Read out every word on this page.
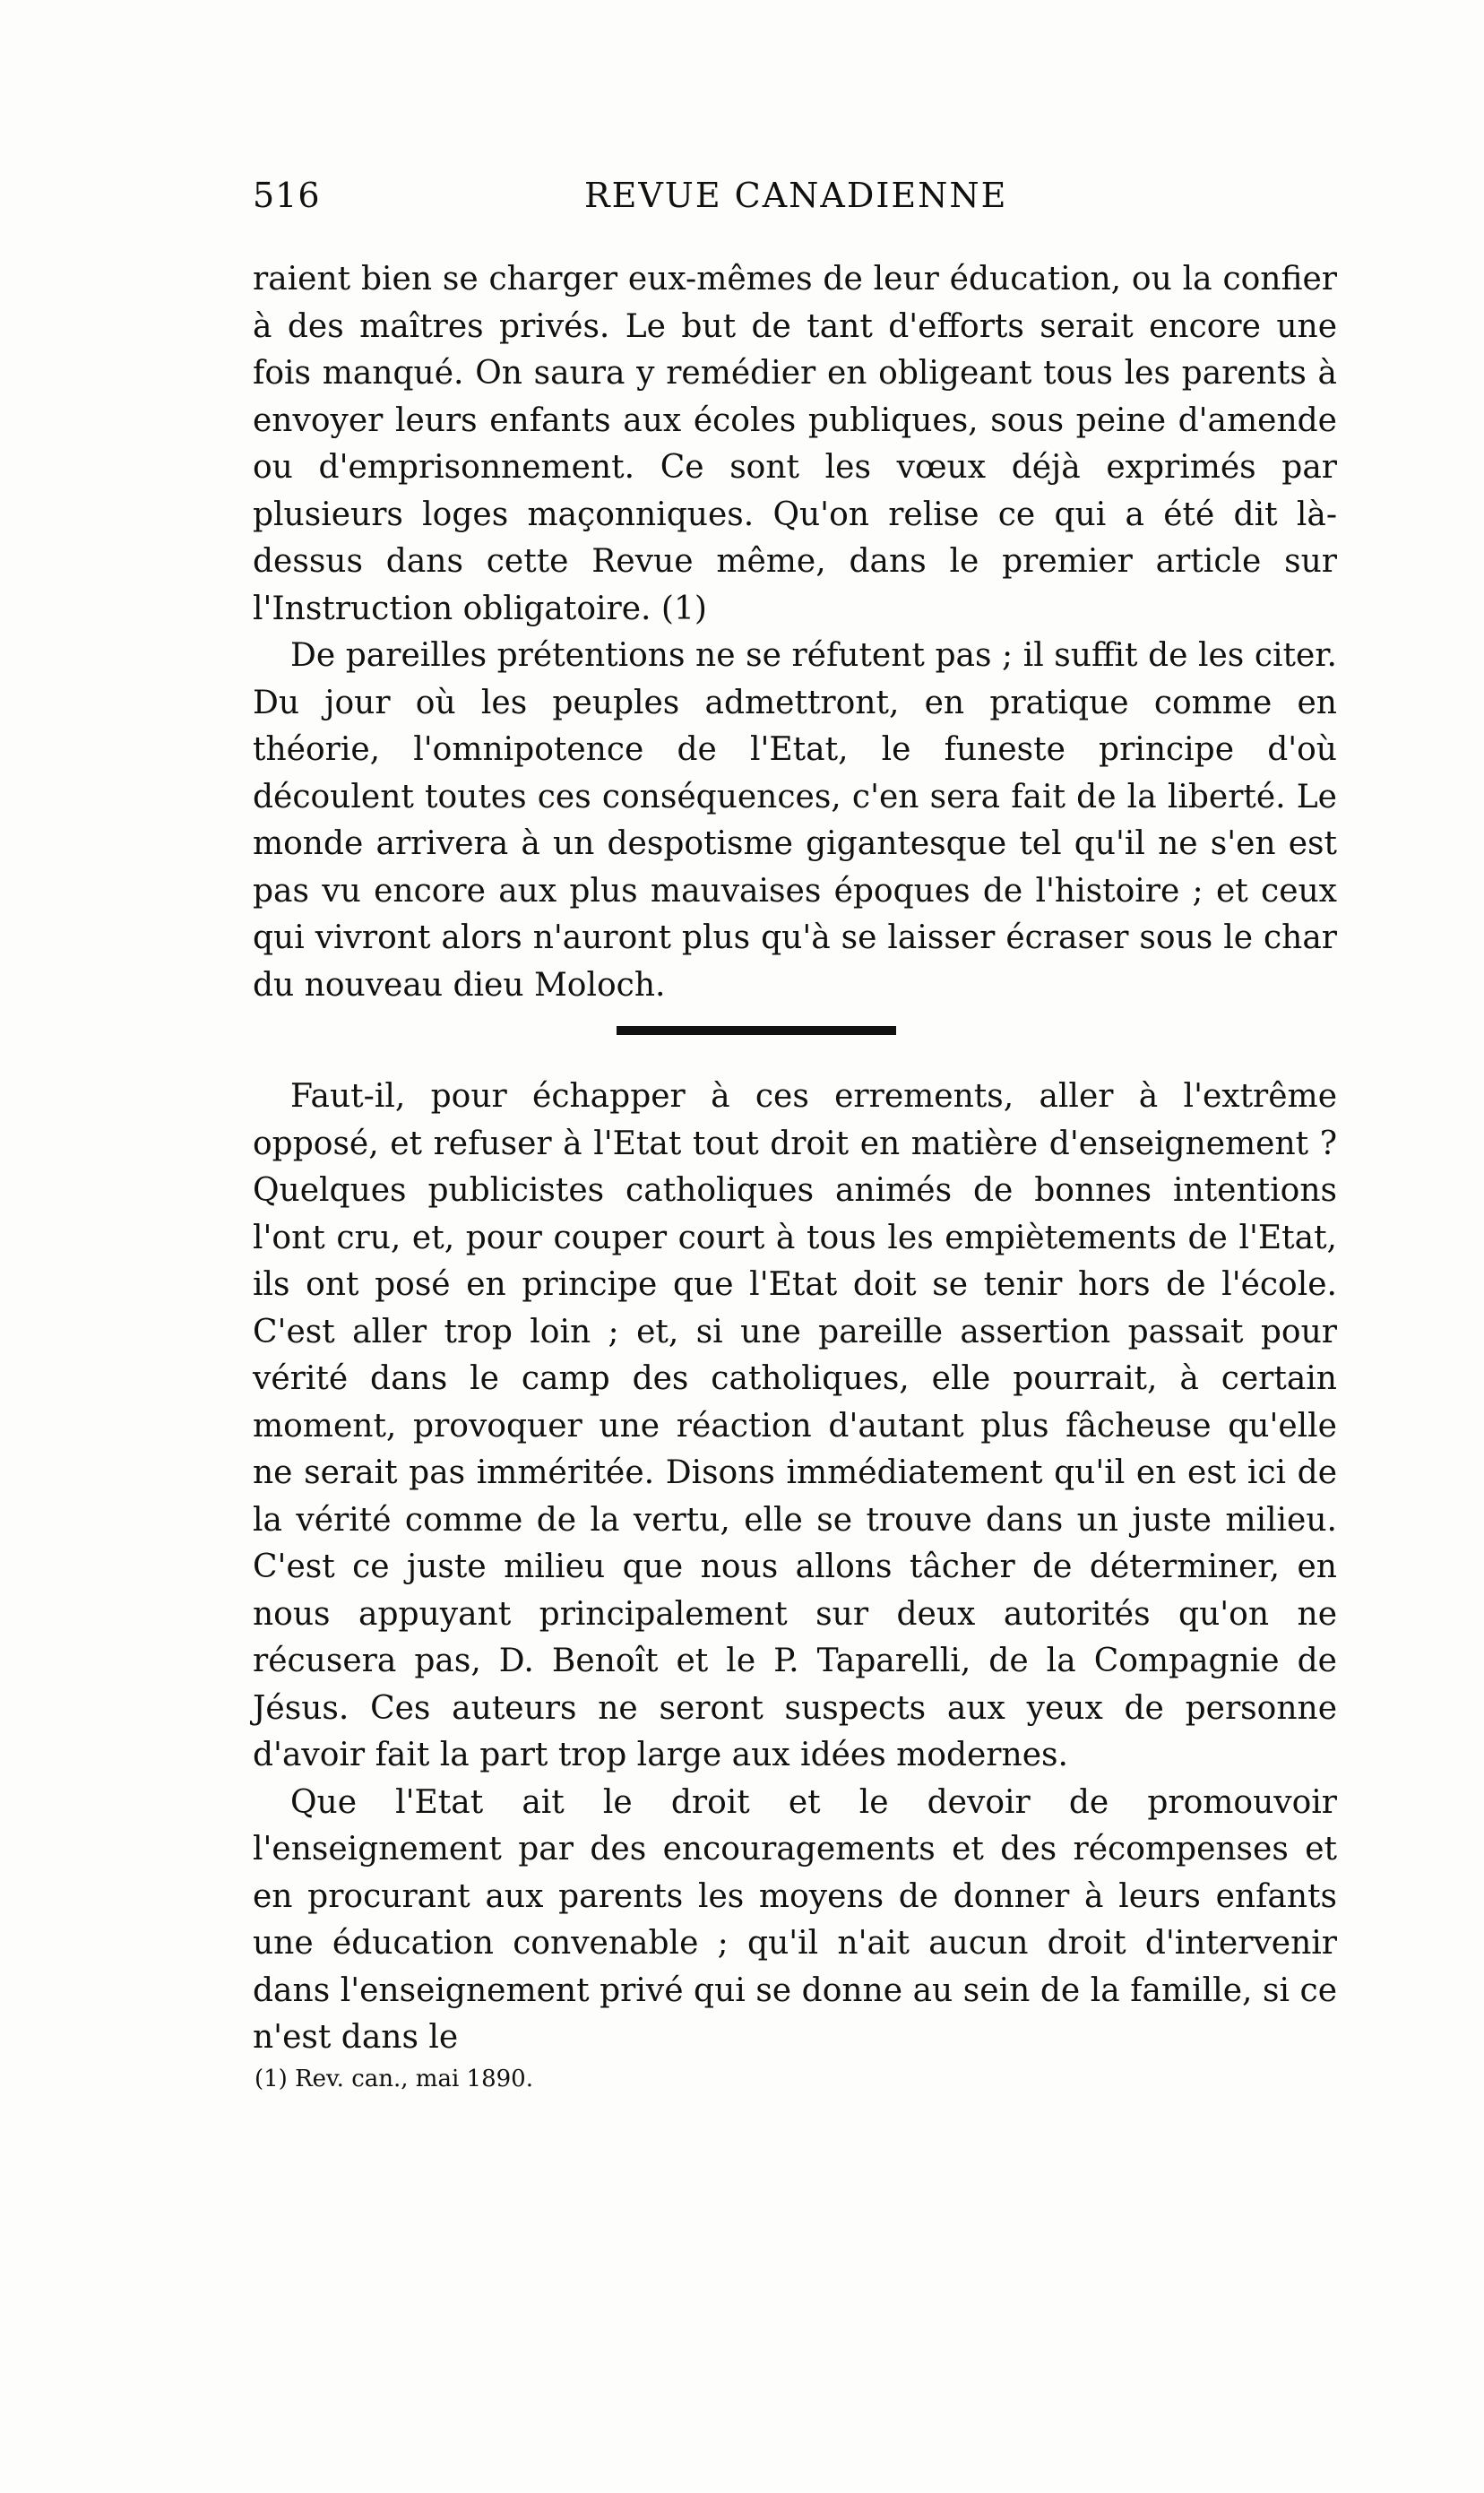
516	REVUE CANADIENNE

raient bien se charger eux-mêmes de leur éducation, ou la confier à des maîtres privés. Le but de tant d'efforts serait encore une fois manqué. On saura y remédier en obligeant tous les parents à envoyer leurs enfants aux écoles publiques, sous peine d'amende ou d'emprisonnement. Ce sont les vœux déjà exprimés par plusieurs loges maçonniques. Qu'on relise ce qui a été dit là-dessus dans cette Revue même, dans le premier article sur l'Instruction obligatoire. (1)

De pareilles prétentions ne se réfutent pas ; il suffit de les citer. Du jour où les peuples admettront, en pratique comme en théorie, l'omnipotence de l'Etat, le funeste principe d'où découlent toutes ces conséquences, c'en sera fait de la liberté. Le monde arrivera à un despotisme gigantesque tel qu'il ne s'en est pas vu encore aux plus mauvaises époques de l'histoire ; et ceux qui vivront alors n'auront plus qu'à se laisser écraser sous le char du nouveau dieu Moloch.

Faut-il, pour échapper à ces errements, aller à l'extrême opposé, et refuser à l'Etat tout droit en matière d'enseignement ? Quelques publicistes catholiques animés de bonnes intentions l'ont cru, et, pour couper court à tous les empiètements de l'Etat, ils ont posé en principe que l'Etat doit se tenir hors de l'école. C'est aller trop loin ; et, si une pareille assertion passait pour vérité dans le camp des catholiques, elle pourrait, à certain moment, provoquer une réaction d'autant plus fâcheuse qu'elle ne serait pas imméritée. Disons immédiatement qu'il en est ici de la vérité comme de la vertu, elle se trouve dans un juste milieu. C'est ce juste milieu que nous allons tâcher de déterminer, en nous appuyant principalement sur deux autorités qu'on ne récusera pas, D. Benoît et le P. Taparelli, de la Compagnie de Jésus. Ces auteurs ne seront suspects aux yeux de personne d'avoir fait la part trop large aux idées modernes.

Que l'Etat ait le droit et le devoir de promouvoir l'enseignement par des encouragements et des récompenses et en procurant aux parents les moyens de donner à leurs enfants une éducation convenable ; qu'il n'ait aucun droit d'intervenir dans l'enseignement privé qui se donne au sein de la famille, si ce n'est dans le

(1) Rev. can., mai 1890.
